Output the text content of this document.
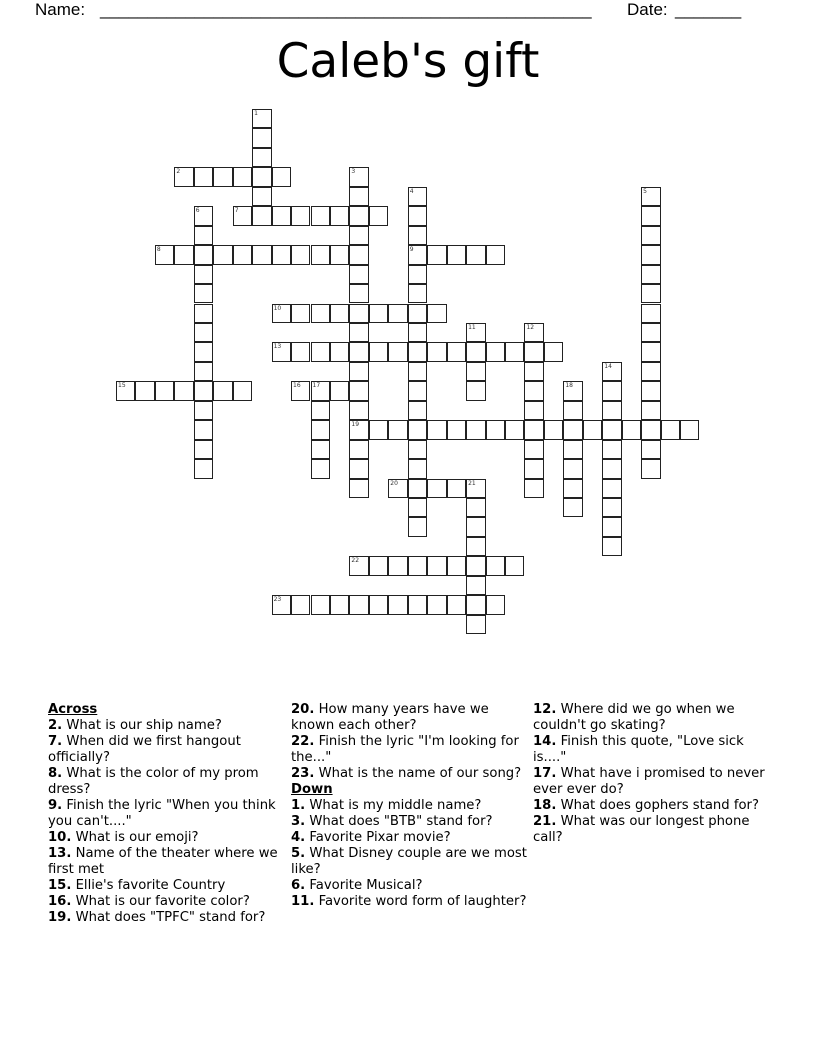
Name: ____________________________________________________ Date: _______
Caleb's gift
2
7
8	9
10
13
15	16 17
19
20	21
22
23
1
3
4	5
6
11	12
14
18
Across
2. What is our ship name?
7. When did we first hangout officially?
8. What is the color of my prom dress?
9. Finish the lyric "When you think you can't...."
10. What is our emoji?
13. Name of the theater where we first met
15. Ellie's favorite Country
16. What is our favorite color?
19. What does "TPFC" stand for?
20. How many years have we known each other?
22. Finish the lyric "I'm looking for the..."
23. What is the name of our song?
Down
1. What is my middle name?
3. What does "BTB" stand for?
4. Favorite Pixar movie?
5. What Disney couple are we most like?
6. Favorite Musical?
11. Favorite word form of laughter?
12. Where did we go when we couldn't go skating?
14. Finish this quote, "Love sick is...."
17. What have i promised to never ever ever do?
18. What does gophers stand for?
21. What was our longest phone call?
